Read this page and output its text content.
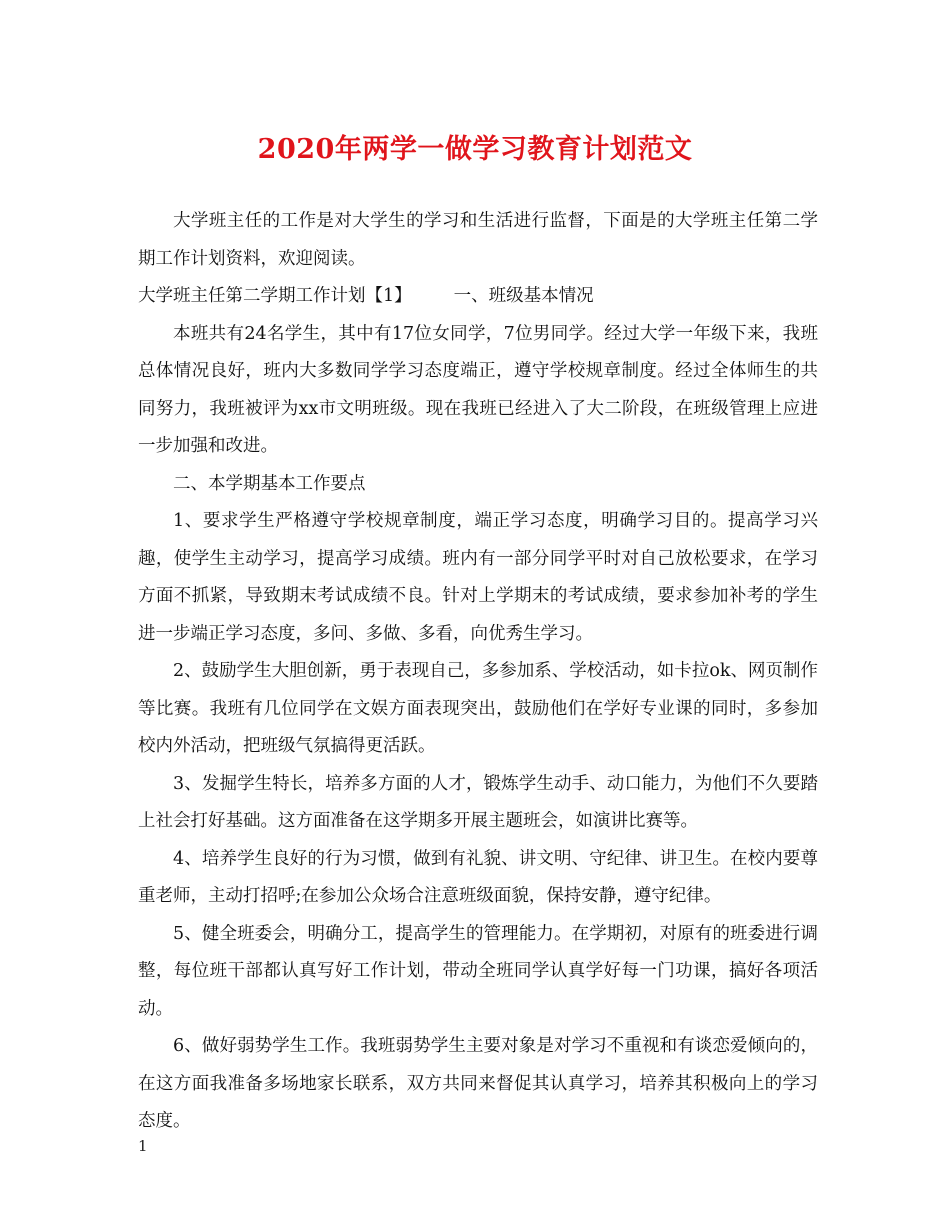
2020年两学一做学习教育计划范文

大学班主任的工作是对大学生的学习和生活进行监督，下面是的大学班主任第二学期工作计划资料，欢迎阅读。

大学班主任第二学期工作计划【1】 一、班级基本情况

本班共有24名学生，其中有17位女同学，7位男同学。经过大学一年级下来，我班总体情况良好，班内大多数同学学习态度端正，遵守学校规章制度。经过全体师生的共同努力，我班被评为xx市文明班级。现在我班已经进入了大二阶段，在班级管理上应进一步加强和改进。

二、本学期基本工作要点

1、要求学生严格遵守学校规章制度，端正学习态度，明确学习目的。提高学习兴趣，使学生主动学习，提高学习成绩。班内有一部分同学平时对自己放松要求，在学习方面不抓紧，导致期末考试成绩不良。针对上学期末的考试成绩，要求参加补考的学生进一步端正学习态度，多问、多做、多看，向优秀生学习。

2、鼓励学生大胆创新，勇于表现自己，多参加系、学校活动，如卡拉ok、网页制作等比赛。我班有几位同学在文娱方面表现突出，鼓励他们在学好专业课的同时，多参加校内外活动，把班级气氛搞得更活跃。

3、发掘学生特长，培养多方面的人才，锻炼学生动手、动口能力，为他们不久要踏上社会打好基础。这方面准备在这学期多开展主题班会，如演讲比赛等。

4、培养学生良好的行为习惯，做到有礼貌、讲文明、守纪律、讲卫生。在校内要尊重老师，主动打招呼;在参加公众场合注意班级面貌，保持安静，遵守纪律。

5、健全班委会，明确分工，提高学生的管理能力。在学期初，对原有的班委进行调整，每位班干部都认真写好工作计划，带动全班同学认真学好每一门功课，搞好各项活动。

6、做好弱势学生工作。我班弱势学生主要对象是对学习不重视和有谈恋爱倾向的，在这方面我准备多场地家长联系，双方共同来督促其认真学习，培养其积极向上的学习态度。

1
